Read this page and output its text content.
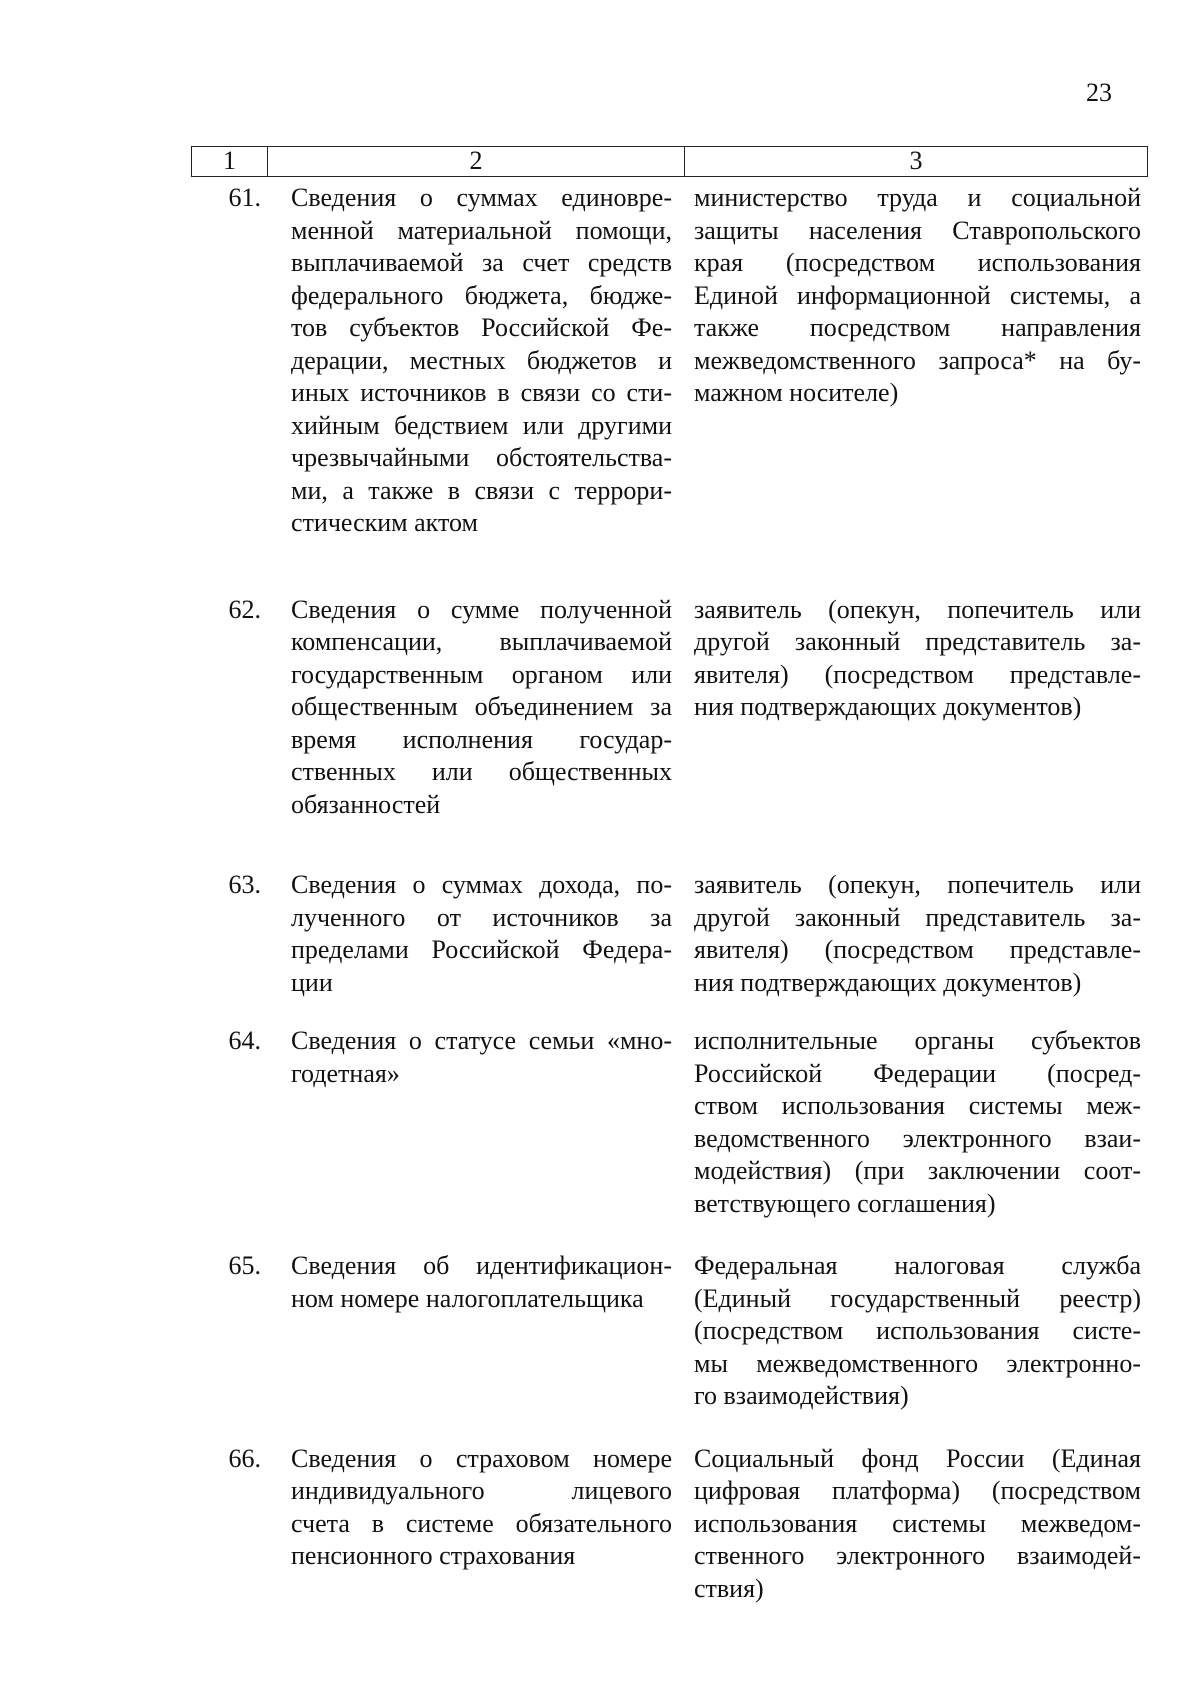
23
1	2	3
61. Сведения о суммах единовре-
менной материальной помощи,
выплачиваемой за счет средств
федерального бюджета, бюдже-
тов субъектов Российской Фе-
дерации, местных бюджетов и
иных источников в связи со сти-
хийным бедствием или другими
чрезвычайными обстоятельства-
ми, а также в связи с террори-
стическим актом
министерство труда и социальной
защиты населения Ставропольского
края (посредством использования
Единой информационной системы, а
также посредством направления
межведомственного запроса* на бу-
мажном носителе)
62. Сведения о сумме полученной
компенсации, выплачиваемой
государственным органом или
общественным объединением за
время исполнения государ-
ственных или общественных
обязанностей
заявитель (опекун, попечитель или
другой законный представитель за-
явителя) (посредством представле-
ния подтверждающих документов)
63. Сведения о суммах дохода, по-
лученного от источников за
пределами Российской Федера-
ции
заявитель (опекун, попечитель или
другой законный представитель за-
явителя) (посредством представле-
ния подтверждающих документов)
64. Сведения о статусе семьи «мно-
годетная»
исполнительные органы субъектов
Российской Федерации (посред-
ством использования системы меж-
ведомственного электронного взаи-
модействия) (при заключении соот-
ветствующего соглашения)
65. Сведения об идентификацион-
ном номере налогоплательщика
Федеральная налоговая служба
(Единый государственный реестр)
(посредством использования систе-
мы межведомственного электронно-
го взаимодействия)
66. Сведения о страховом номере
индивидуального лицевого
счета в системе обязательного
пенсионного страхования
Социальный фонд России (Единая
цифровая платформа) (посредством
использования системы межведом-
ственного электронного взаимодей-
ствия)
